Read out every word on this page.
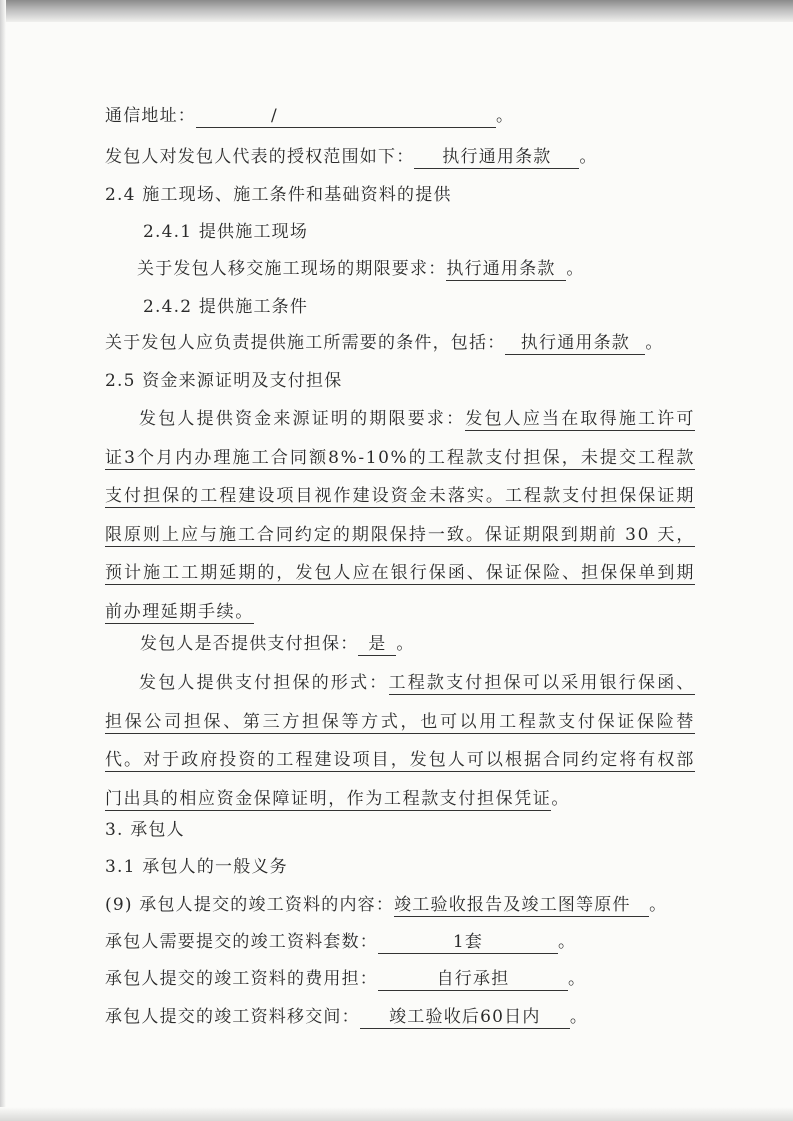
通信地址：	/	。
发包人对发包人代表的授权范围如下： 执行通用条款 。
2.4 施工现场、施工条件和基础资料的提供
2.4.1 提供施工现场
关于发包人移交施工现场的期限要求：执行通用条款 。
2.4.2 提供施工条件
关于发包人应负责提供施工所需要的条件，包括： 执行通用条款 。
2.5 资金来源证明及支付担保
发包人提供资金来源证明的期限要求：发包人应当在取得施工许可证3个月内办理施工合同额8%-10%的工程款支付担保，未提交工程款支付担保的工程建设项目视作建设资金未落实。工程款支付担保保证期限原则上应与施工合同约定的期限保持一致。保证期限到期前 30 天，预计施工工期延期的，发包人应在银行保函、保证保险、担保保单到期前办理延期手续。
发包人是否提供支付担保： 是 。
发包人提供支付担保的形式：工程款支付担保可以采用银行保函、担保公司担保、第三方担保等方式，也可以用工程款支付保证保险替代。对于政府投资的工程建设项目，发包人可以根据合同约定将有权部门出具的相应资金保障证明，作为工程款支付担保凭证。
3. 承包人
3.1 承包人的一般义务
(9) 承包人提交的竣工资料的内容：竣工验收报告及竣工图等原件 。
承包人需要提交的竣工资料套数：	1套	。
承包人提交的竣工资料的费用担：	自行承担	。
承包人提交的竣工资料移交间： 竣工验收后60日内 。
